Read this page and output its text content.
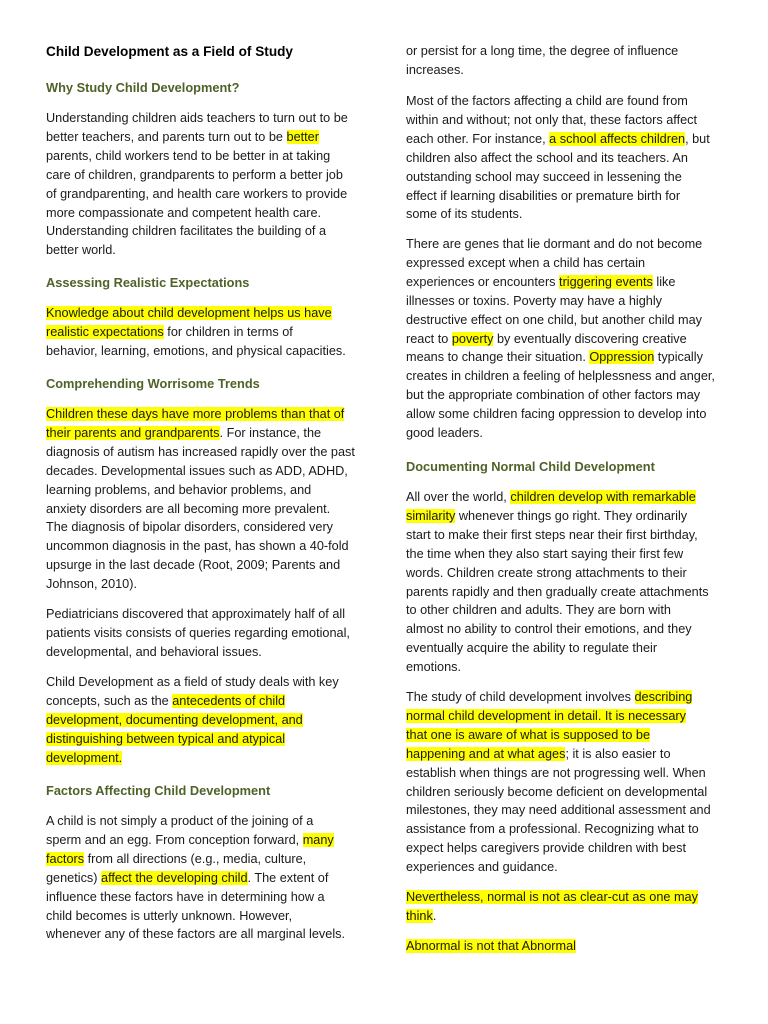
Child Development as a Field of Study
Why Study Child Development?

Understanding children aids teachers to turn out to be
better teachers, and parents turn out to be better
parents, child workers tend to be better in at taking
care of children, grandparents to perform a better job
of grandparenting, and health care workers to provide
more compassionate and competent health care.
Understanding children facilitates the building of a
better world.

Assessing Realistic Expectations

Knowledge about child development helps us have
realistic expectations for children in terms of
behavior, learning, emotions, and physical capacities.

Comprehending Worrisome Trends

Children these days have more problems than that of
their parents and grandparents. For instance, the
diagnosis of autism has increased rapidly over the past
decades. Developmental issues such as ADD, ADHD,
learning problems, and behavior problems, and
anxiety disorders are all becoming more prevalent.
The diagnosis of bipolar disorders, considered very
uncommon diagnosis in the past, has shown a 40-fold
upsurge in the last decade (Root, 2009; Parents and
Johnson, 2010).

Pediatricians discovered that approximately half of all
patients visits consists of queries regarding emotional,
developmental, and behavioral issues.

Child Development as a field of study deals with key
concepts, such as the antecedents of child
development, documenting development, and
distinguishing between typical and atypical
development.

Factors Affecting Child Development

A child is not simply a product of the joining of a
sperm and an egg. From conception forward, many
factors from all directions (e.g., media, culture,
genetics) affect the developing child. The extent of
influence these factors have in determining how a
child becomes is utterly unknown. However,
whenever any of these factors are all marginal levels.

or persist for a long time, the degree of influence
increases.

Most of the factors affecting a child are found from
within and without; not only that, these factors affect
each other. For instance, a school affects children, but
children also affect the school and its teachers. An
outstanding school may succeed in lessening the
effect if learning disabilities or premature birth for
some of its students.

There are genes that lie dormant and do not become
expressed except when a child has certain
experiences or encounters triggering events like
illnesses or toxins. Poverty may have a highly
destructive effect on one child, but another child may
react to poverty by eventually discovering creative
means to change their situation. Oppression typically
creates in children a feeling of helplessness and anger,
but the appropriate combination of other factors may
allow some children facing oppression to develop into
good leaders.

Documenting Normal Child Development

All over the world, children develop with remarkable
similarity whenever things go right. They ordinarily
start to make their first steps near their first birthday,
the time when they also start saying their first few
words. Children create strong attachments to their
parents rapidly and then gradually create attachments
to other children and adults. They are born with
almost no ability to control their emotions, and they
eventually acquire the ability to regulate their
emotions.

The study of child development involves describing
normal child development in detail. It is necessary
that one is aware of what is supposed to be
happening and at what ages; it is also easier to
establish when things are not progressing well. When
children seriously become deficient on developmental
milestones, they may need additional assessment and
assistance from a professional. Recognizing what to
expect helps caregivers provide children with best
experiences and guidance.

Nevertheless, normal is not as clear-cut as one may
think.

Abnormal is not that Abnormal
